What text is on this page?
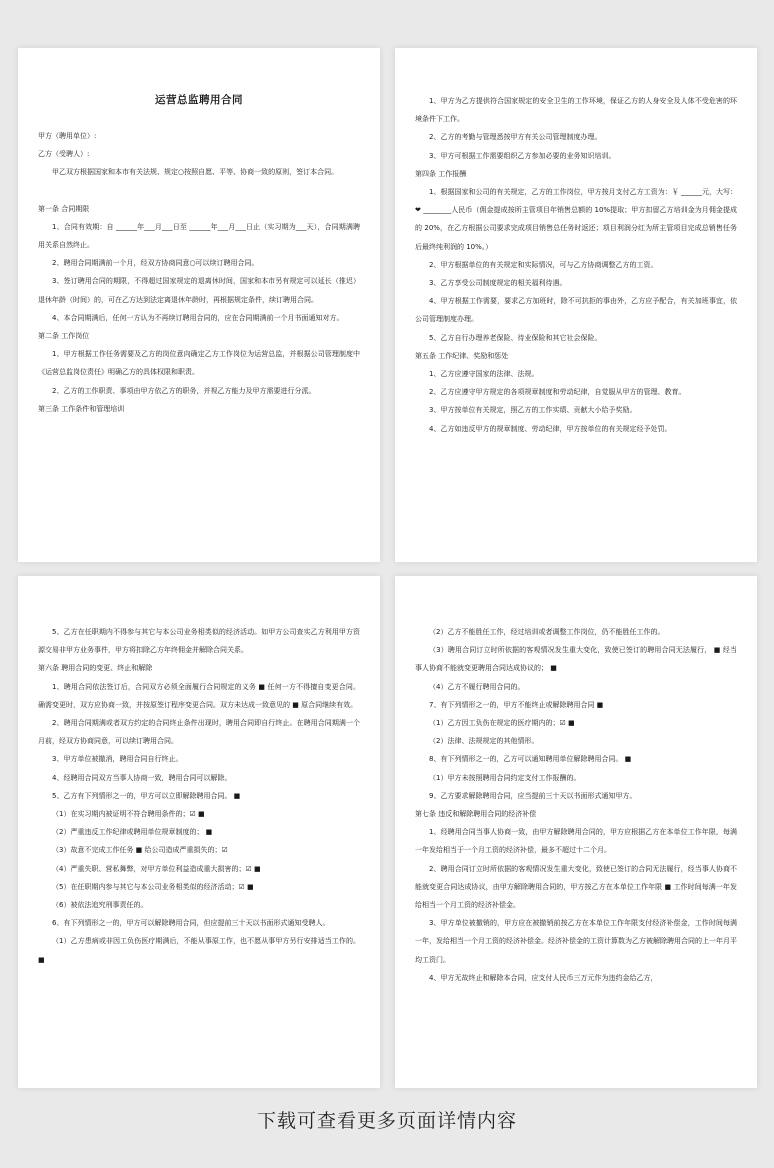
运营总监聘用合同

甲方（聘用单位）:

乙方（受聘人）:

甲乙双方根据国家和本市有关法规、规定○按照自愿、平等、协商一致的原则，签订本合同。

第一条 合同期限

1、合同有效期：自 ______年___月___日至 ______年___月___日止（实习期为___天），合同期满聘用关系自然终止。

2、聘用合同期满前一个月，经双方协商同意○可以续订聘用合同。

3、签订聘用合同的期限，不得超过国家规定的退离休时间，国家和本市另有规定可以延长（推迟）退休年龄（时间）的，可在乙方达到法定离退休年龄时，再根据规定条件，续订聘用合同。

4、本合同期满后，任何一方认为不再续订聘用合同的，应在合同期满前一个月书面通知对方。

第二条 工作岗位

1、甲方根据工作任务需要及乙方的岗位意向确定乙方工作岗位为运营总监，并根据公司管理制度中《运营总监岗位责任》明确乙方的具体权限和职责。

2、乙方的工作职责、事项由甲方依乙方的职务，并视乙方能力及甲方需要进行分派。

第三条 工作条件和管理培训

1、甲方为乙方提供符合国家规定的安全卫生的工作环境，保证乙方的人身安全及人体不受危害的环境条件下工作。

2、乙方的考勤与管理悉按甲方有关公司管理制度办理。

3、甲方可根据工作需要组织乙方参加必要的业务知识培训。

第四条 工作报酬

1、根据国家和公司的有关规定，乙方的工作岗位，甲方按月支付乙方工资为：￥ ______元，大写：❤ ________人民币（佣金提成按所主管项目年销售总额的 10%提取；甲方扣留乙方培训金为月佣金提成的 20%，在乙方根据公司要求完成项目销售总任务时返还；项目利润分红为所主管项目完成总销售任务后最终纯利润的 10%。）

2、甲方根据单位的有关规定和实际情况，可与乙方协商调整乙方的工资。

3、乙方享受公司制度规定的相关福利待遇。

4、甲方根据工作需要，要求乙方加班时，除不可抗拒的事由外，乙方应予配合，有关加班事宜，依公司管理制度办理。

5、乙方自行办理养老保险、待业保险和其它社会保险。

第五条 工作纪律、奖励和惩处

1、乙方应遵守国家的法律、法规。

2、乙方应遵守甲方规定的各项规章制度和劳动纪律，自觉服从甲方的管理、教育。

3、甲方按单位有关规定，照乙方的工作实绩、贡献大小给予奖励。

4、乙方如违反甲方的规章制度、劳动纪律，甲方按单位的有关规定经予处罚。

5、乙方在任职期内不得参与其它与本公司业务相类似的经济活动。如甲方公司查实乙方利用甲方资源交易非甲方业务事件，甲方将扣除乙方年终佣金并解除合同关系。

第六条 聘用合同的变更、终止和解除

1、聘用合同依法签订后，合同双方必须全面履行合同规定的义务 ■ 任何一方不得擅自变更合同。确需变更时，双方应协商一致，并按原签订程序变更合同。双方未达成一致意见的 ■ 原合同继续有效。

2、聘用合同期满或者双方约定的合同终止条件出现时，聘用合同即自行终止。在聘用合同期满一个月前，经双方协商同意，可以续订聘用合同。

3、甲方单位被撤消，聘用合同自行终止。

4、经聘用合同双方当事人协商一致，聘用合同可以解除。

5、乙方有下列情形之一的，甲方可以立即解除聘用合同。 ■

（1）在实习期内被证明不符合聘用条件的；☑ ■

（2）严重违反工作纪律或聘用单位规章制度的； ■

（3）故意不完成工作任务 ■ 给公司造成严重损失的；☑

（4）严重失职、营私舞弊，对甲方单位利益造成重大损害的；☑ ■

（5）在任职期内参与其它与本公司业务相类似的经济活动；☑ ■

（6）被依法追究刑事责任的。

6、有下列情形之一的，甲方可以解除聘用合同，但应提前三十天以书面形式通知受聘人。

（1）乙方患病或非因工负伤医疗期满后，不能从事原工作，也不愿从事甲方另行安排适当工作的。 ■

（2）乙方不能胜任工作，经过培训或者调整工作岗位，仍不能胜任工作的。

（3）聘用合同订立时所依据的客观情况发生重大变化，致使已签订的聘用合同无法履行， ■ 经当事人协商不能就变更聘用合同达成协议的； ■

（4）乙方不履行聘用合同的。

7、有下列情形之一的，甲方不能终止或解除聘用合同 ■

（1）乙方因工负伤在规定的医疗期内的；☑ ■

（2）法律、法规规定的其他情形。

8、有下列情形之一的，乙方可以通知聘用单位解除聘用合同。 ■

（1）甲方未按照聘用合同约定支付工作报酬的。

9、乙方要求解除聘用合同，应当提前三十天以书面形式通知甲方。

第七条 违反和解除聘用合同的经济补偿

1、经聘用合同当事人协商一致，由甲方解除聘用合同的，甲方应根据乙方在本单位工作年限，每满一年发给相当于一个月工资的经济补偿，最多不超过十二个月。

2、聘用合同订立时所依据的客观情况发生重大变化，致使已签订的合同无法履行，经当事人协商不能就变更合同达成协议，由甲方解除聘用合同的，甲方按乙方在本单位工作年限 ■ 工作时间每满一年发给相当一个月工资的经济补偿金。

3、甲方单位被撤销的，甲方应在被撤销前按乙方在本单位工作年限支付经济补偿金，工作时间每满一年，发给相当一个月工资的经济补偿金。经济补偿金的工资计算数为乙方被解除聘用合同的上一年月平均工资门。

4、甲方无故终止和解除本合同，应支付人民币三万元作为违约金给乙方，

下载可查看更多页面详情内容
